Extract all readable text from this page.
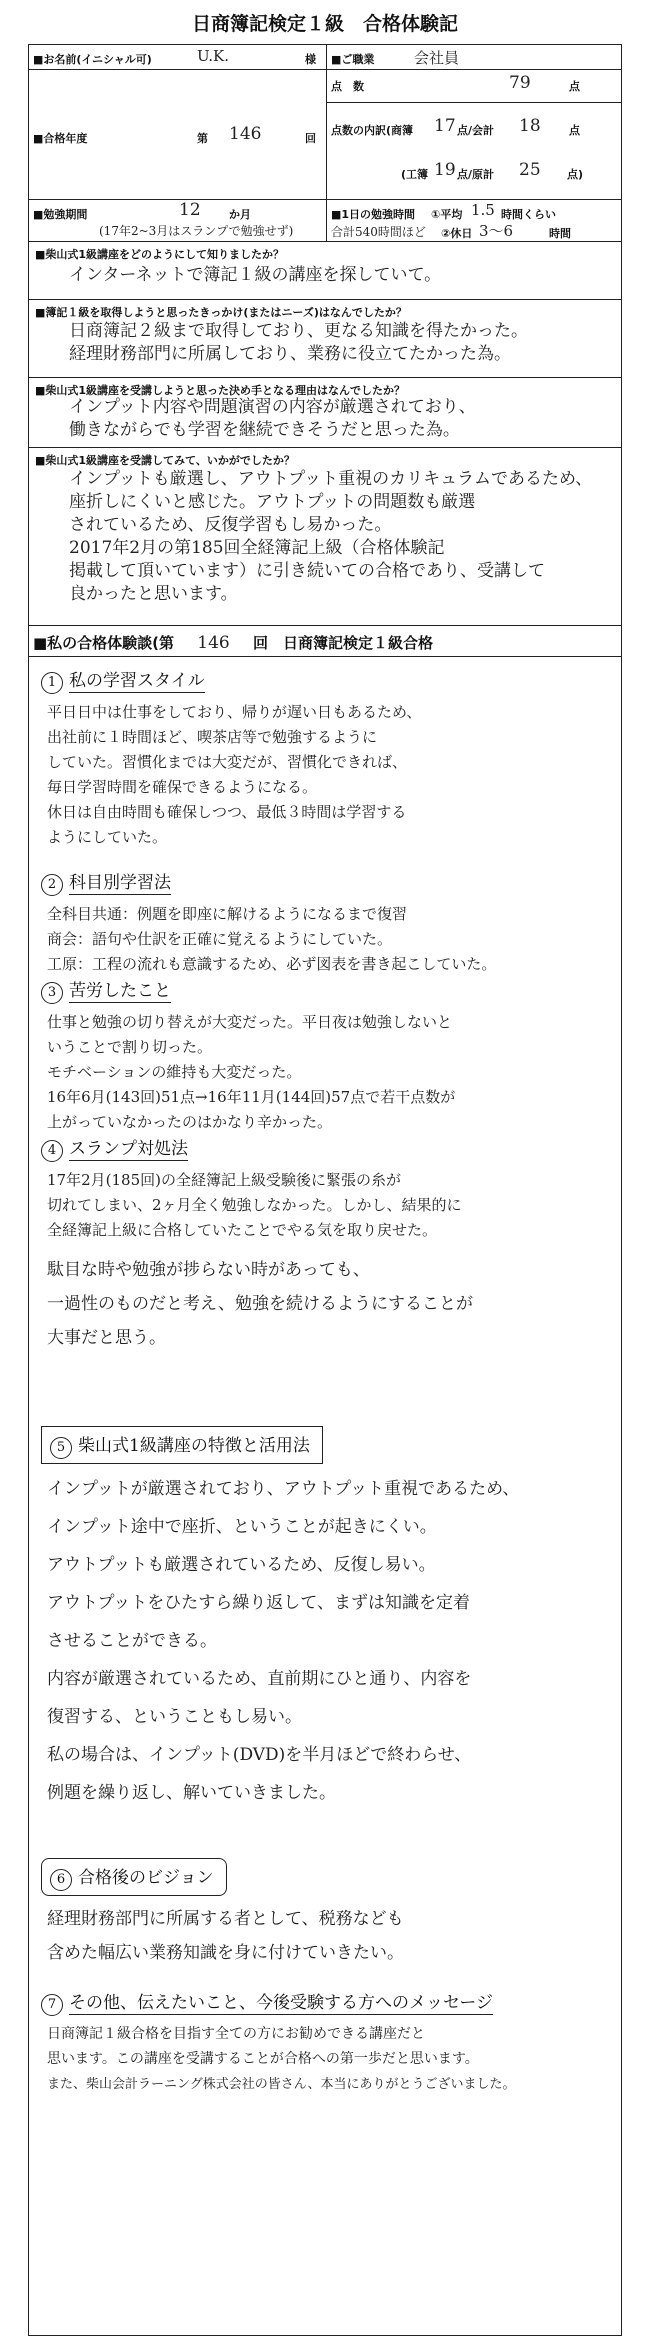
日商簿記検定１級　合格体験記
■お名前(イニシャル可)	U.K.	様 ■ご職業	会社員
■合格年度	第 146	回
点　数	79	点
点数の内訳(商簿 17 点/会計 18	点
(工簿 19 点/原計 25 点)
■勉強期間	12	か月
(17年2~3月はスランプで勉強せず)
■1日の勉強時間 ①平均 1.5 時間くらい
合計540時間ほど ②休日 3～6	時間
■柴山式1級講座をどのようにして知りましたか？
インターネットで簿記１級の講座を探していて。
■簿記１級を取得しようと思ったきっかけ(またはニーズ)はなんでしたか？
日商簿記２級まで取得しており、更なる知識を得たかった。
経理財務部門に所属しており、業務に役立てたかった為。
■柴山式1級講座を受講しようと思った決め手となる理由はなんでしたか？
インプット内容や問題演習の内容が厳選されており、
働きながらでも学習を継続できそうだと思った為。
■柴山式1級講座を受講してみて、いかがでしたか？
インプットも厳選し、アウトプット重視のカリキュラムであるため、
座折しにくいと感じた。アウトプットの問題数も厳選
されているため、反復学習もし易かった。
2017年2月の第185回全経簿記上級（合格体験記
掲載して頂いています）に引き続いての合格であり、受講して
良かったと思います。
■私の合格体験談(第 146 回　日商簿記検定１級合格
1 私の学習スタイル
平日日中は仕事をしており、帰りが遅い日もあるため、
出社前に１時間ほど、喫茶店等で勉強するように
していた。習慣化までは大変だが、習慣化できれば、
毎日学習時間を確保できるようになる。
休日は自由時間も確保しつつ、最低３時間は学習する
ようにしていた。
2 科目別学習法
全科目共通：例題を即座に解けるようになるまで復習
商会：語句や仕訳を正確に覚えるようにしていた。
工原：工程の流れも意識するため、必ず図表を書き起こしていた。
3 苦労したこと
仕事と勉強の切り替えが大変だった。平日夜は勉強しないと
いうことで割り切った。
モチベーションの維持も大変だった。
16年6月(143回)51点→16年11月(144回)57点で若干点数が
上がっていなかったのはかなり辛かった。
4 スランプ対処法
17年2月(185回)の全経簿記上級受験後に緊張の糸が
切れてしまい、2ヶ月全く勉強しなかった。しかし、結果的に
全経簿記上級に合格していたことでやる気を取り戻せた。
駄目な時や勉強が捗らない時があっても、
一過性のものだと考え、勉強を続けるようにすることが
大事だと思う。
5 柴山式1級講座の特徴と活用法
インプットが厳選されており、アウトプット重視であるため、
インプット途中で座折、ということが起きにくい。
アウトプットも厳選されているため、反復し易い。
アウトプットをひたすら繰り返して、まずは知識を定着
させることができる。
内容が厳選されているため、直前期にひと通り、内容を
復習する、ということもし易い。
私の場合は、インプット(DVD)を半月ほどで終わらせ、
例題を繰り返し、解いていきました。
6 合格後のビジョン
経理財務部門に所属する者として、税務なども
含めた幅広い業務知識を身に付けていきたい。
7 その他、伝えたいこと、今後受験する方へのメッセージ
日商簿記１級合格を目指す全ての方にお勧めできる講座だと
思います。この講座を受講することが合格への第一歩だと思います。
また、柴山会計ラーニング株式会社の皆さん、本当にありがとうございました。
